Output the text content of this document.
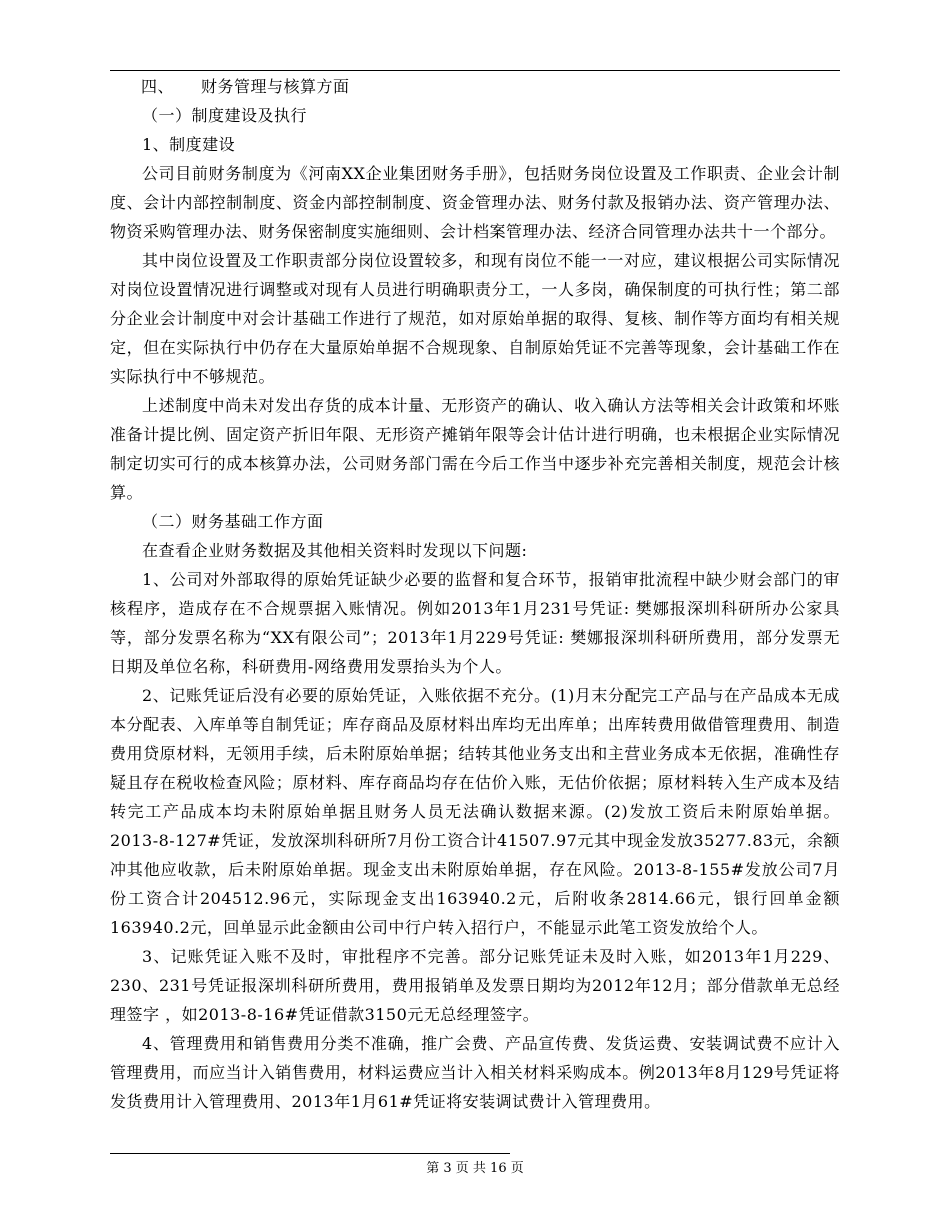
四、 财务管理与核算方面

（一）制度建设及执行

1、制度建设

公司目前财务制度为《河南XX企业集团财务手册》，包括财务岗位设置及工作职责、企业会计制度、会计内部控制制度、资金内部控制制度、资金管理办法、财务付款及报销办法、资产管理办法、物资采购管理办法、财务保密制度实施细则、会计档案管理办法、经济合同管理办法共十一个部分。

其中岗位设置及工作职责部分岗位设置较多，和现有岗位不能一一对应，建议根据公司实际情况对岗位设置情况进行调整或对现有人员进行明确职责分工，一人多岗，确保制度的可执行性；第二部分企业会计制度中对会计基础工作进行了规范，如对原始单据的取得、复核、制作等方面均有相关规定，但在实际执行中仍存在大量原始单据不合规现象、自制原始凭证不完善等现象，会计基础工作在实际执行中不够规范。

上述制度中尚未对发出存货的成本计量、无形资产的确认、收入确认方法等相关会计政策和坏账准备计提比例、固定资产折旧年限、无形资产摊销年限等会计估计进行明确，也未根据企业实际情况制定切实可行的成本核算办法，公司财务部门需在今后工作当中逐步补充完善相关制度，规范会计核算。

（二）财务基础工作方面

在查看企业财务数据及其他相关资料时发现以下问题:

1、公司对外部取得的原始凭证缺少必要的监督和复合环节，报销审批流程中缺少财会部门的审核程序，造成存在不合规票据入账情况。例如2013年1月231号凭证: 樊娜报深圳科研所办公家具等，部分发票名称为“XX有限公司”；2013年1月229号凭证: 樊娜报深圳科研所费用，部分发票无日期及单位名称，科研费用-网络费用发票抬头为个人。

2、记账凭证后没有必要的原始凭证，入账依据不充分。(1)月末分配完工产品与在产品成本无成本分配表、入库单等自制凭证；库存商品及原材料出库均无出库单；出库转费用做借管理费用、制造费用贷原材料，无领用手续，后未附原始单据；结转其他业务支出和主营业务成本无依据，准确性存疑且存在税收检查风险；原材料、库存商品均存在估价入账，无估价依据；原材料转入生产成本及结转完工产品成本均未附原始单据且财务人员无法确认数据来源。(2)发放工资后未附原始单据。2013-8-127#凭证，发放深圳科研所7月份工资合计41507.97元其中现金发放35277.83元，余额冲其他应收款，后未附原始单据。现金支出未附原始单据，存在风险。2013-8-155#发放公司7月份工资合计204512.96元，实际现金支出163940.2元，后附收条2814.66元，银行回单金额163940.2元，回单显示此金额由公司中行户转入招行户，不能显示此笔工资发放给个人。

3、记账凭证入账不及时，审批程序不完善。部分记账凭证未及时入账，如2013年1月229、230、231号凭证报深圳科研所费用，费用报销单及发票日期均为2012年12月；部分借款单无总经理签字 ，如2013-8-16#凭证借款3150元无总经理签字。

4、管理费用和销售费用分类不准确，推广会费、产品宣传费、发货运费、安装调试费不应计入管理费用，而应当计入销售费用，材料运费应当计入相关材料采购成本。例2013年8月129号凭证将发货费用计入管理费用、2013年1月61#凭证将安装调试费计入管理费用。

第 3 页 共 16 页
